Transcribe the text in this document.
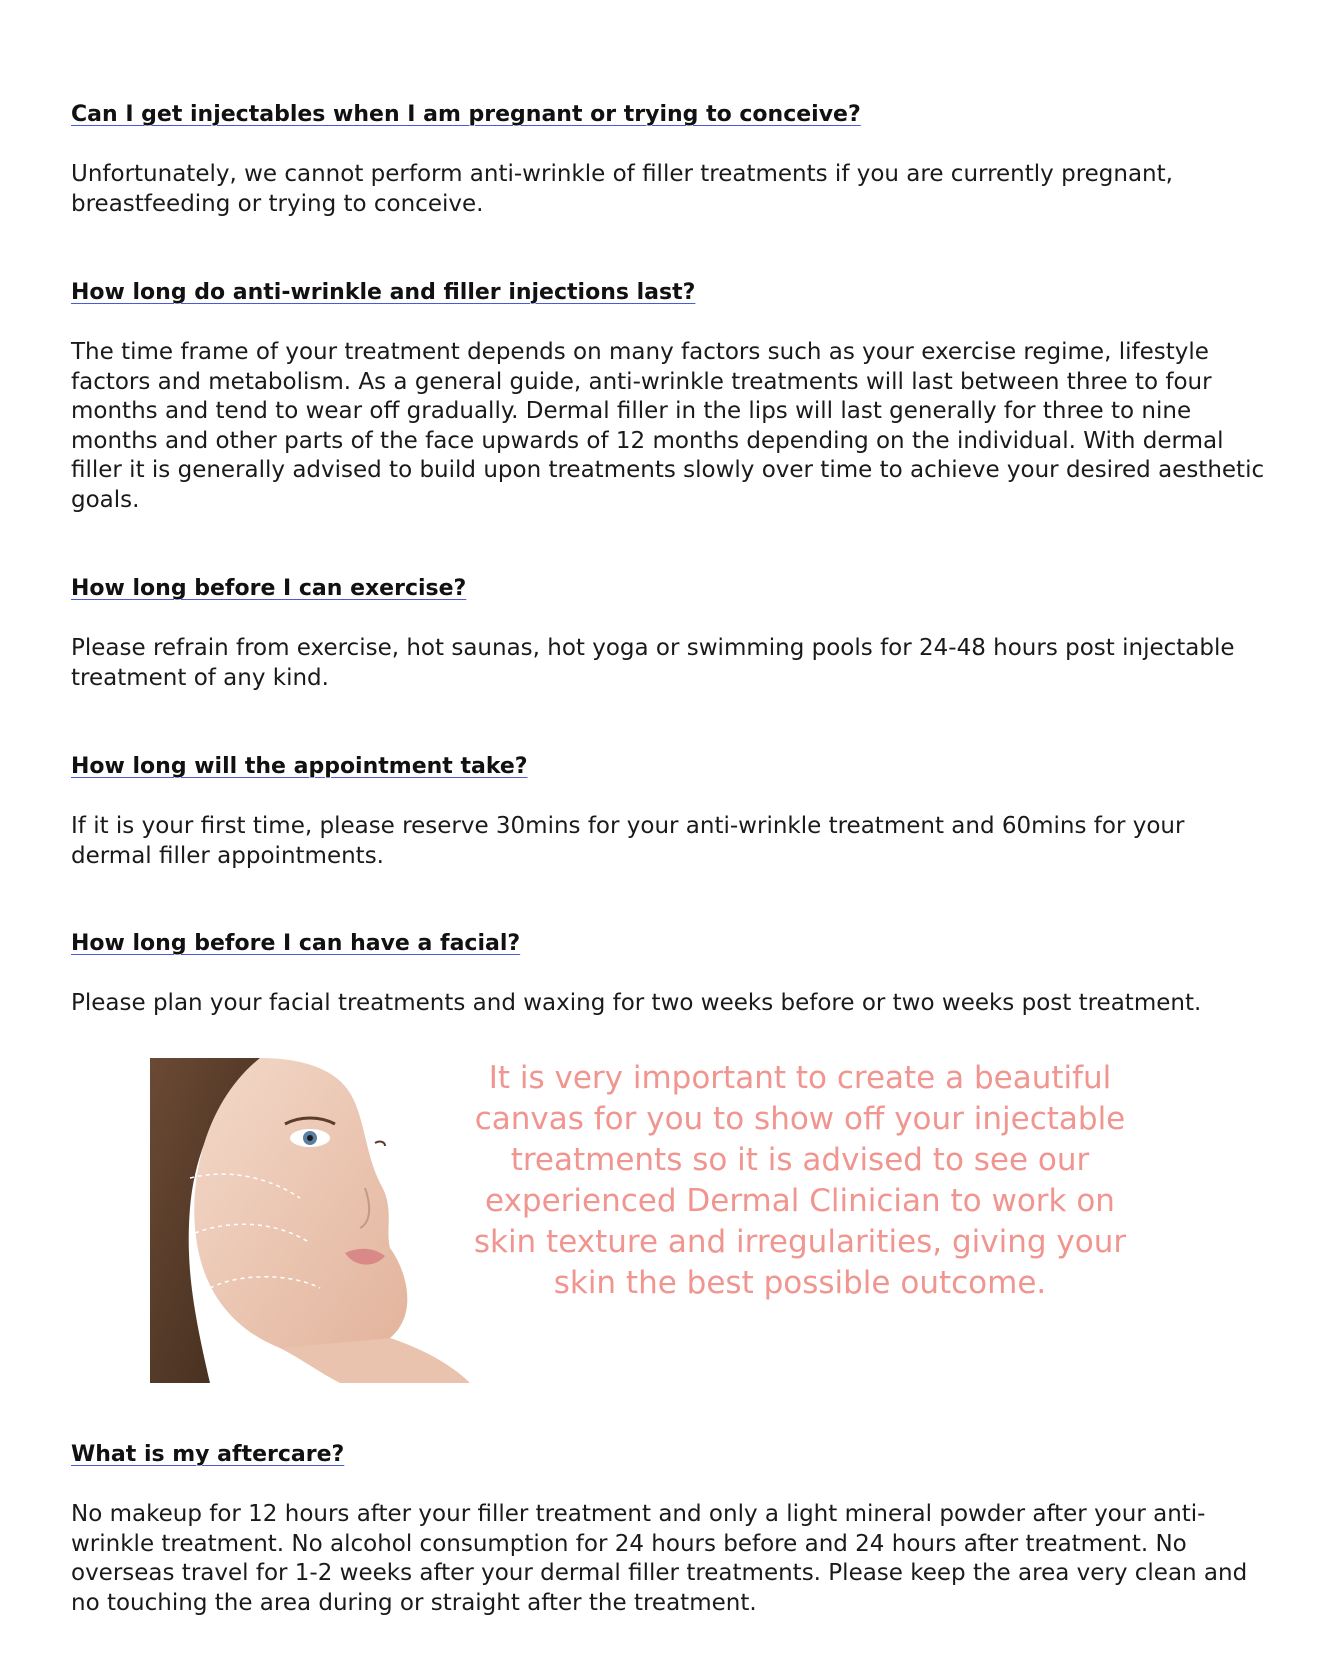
Can I get injectables when I am pregnant or trying to conceive?

Unfortunately, we cannot perform anti-wrinkle of filler treatments if you are currently pregnant, breastfeeding or trying to conceive.

How long do anti-wrinkle and filler injections last?

The time frame of your treatment depends on many factors such as your exercise regime, lifestyle factors and metabolism. As a general guide, anti-wrinkle treatments will last between three to four months and tend to wear off gradually. Dermal filler in the lips will last generally for three to nine months and other parts of the face upwards of 12 months depending on the individual. With dermal filler it is generally advised to build upon treatments slowly over time to achieve your desired aesthetic goals.

How long before I can exercise?

Please refrain from exercise, hot saunas, hot yoga or swimming pools for 24-48 hours post injectable treatment of any kind.

How long will the appointment take?

If it is your first time, please reserve 30mins for your anti-wrinkle treatment and 60mins for your dermal filler appointments.

How long before I can have a facial?

Please plan your facial treatments and waxing for two weeks before or two weeks post treatment.

It is very important to create a beautiful canvas for you to show off your injectable treatments so it is advised to see our experienced Dermal Clinician to work on skin texture and irregularities, giving your skin the best possible outcome.

What is my aftercare?

No makeup for 12 hours after your filler treatment and only a light mineral powder after your anti-wrinkle treatment. No alcohol consumption for 24 hours before and 24 hours after treatment. No overseas travel for 1-2 weeks after your dermal filler treatments. Please keep the area very clean and no touching the area during or straight after the treatment.
